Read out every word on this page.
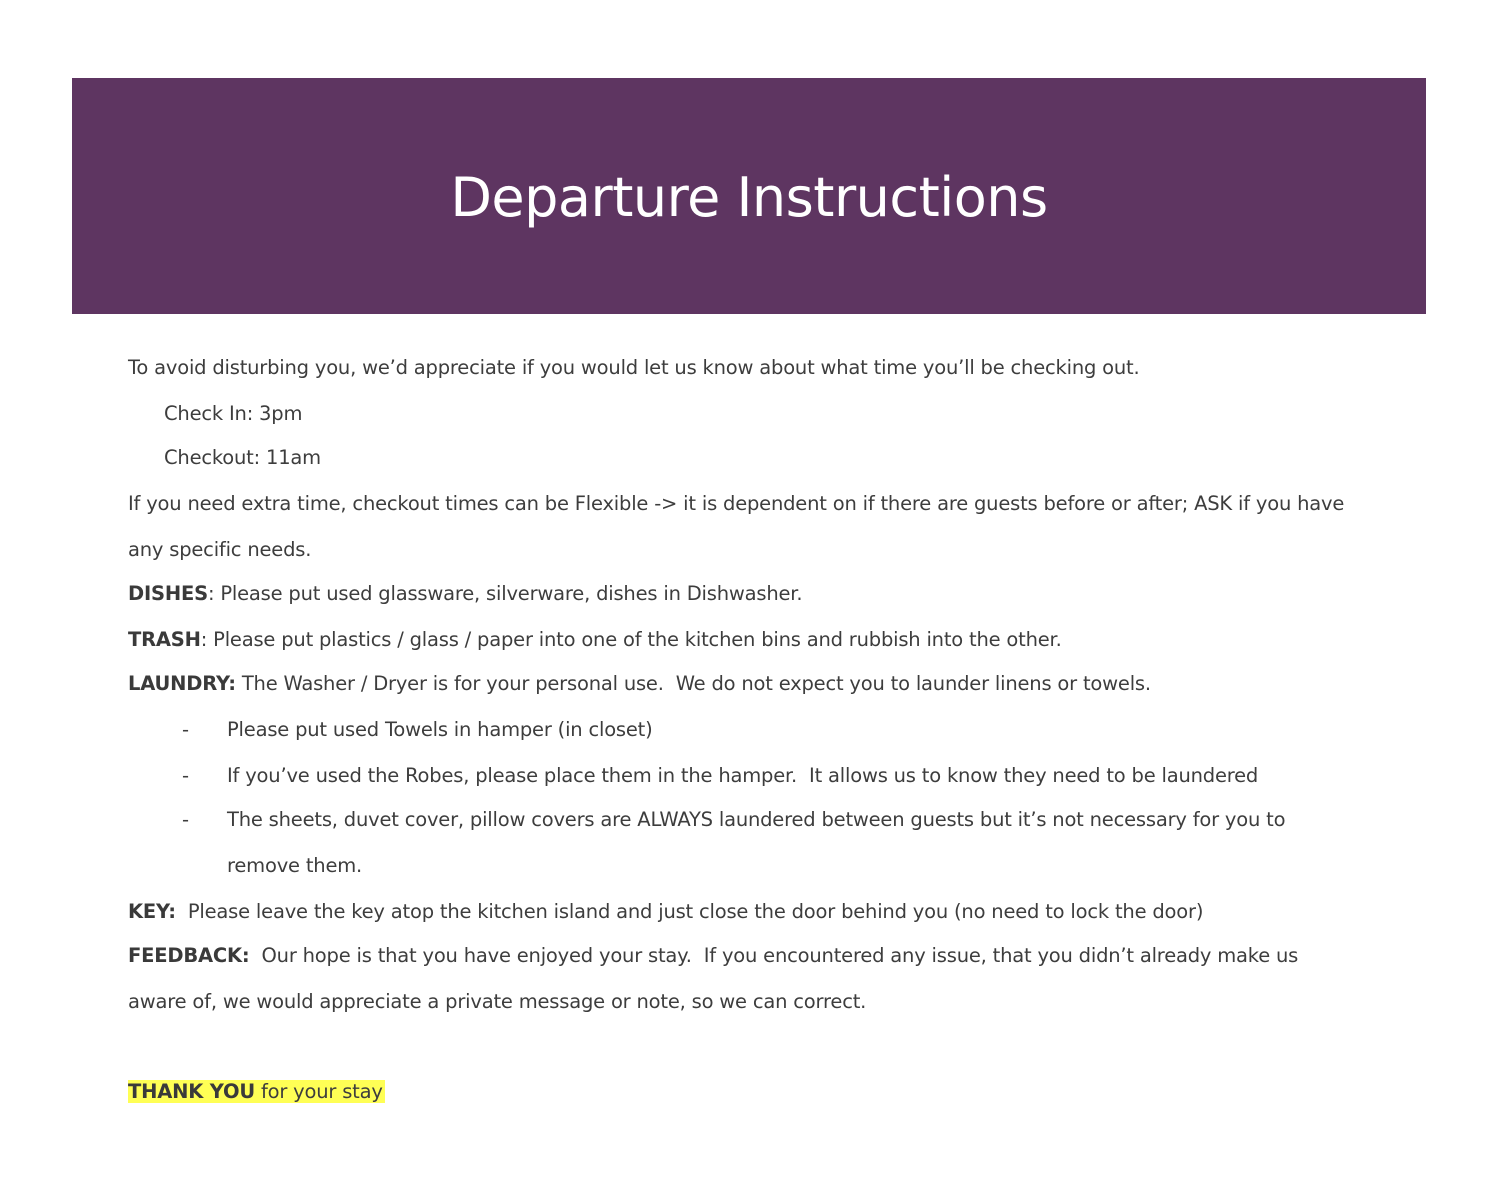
Departure Instructions
To avoid disturbing you, we’d appreciate if you would let us know about what time you’ll be checking out.
Check In: 3pm
Checkout: 11am
If you need extra time, checkout times can be Flexible -> it is dependent on if there are guests before or after; ASK if you have
any specific needs.
DISHES: Please put used glassware, silverware, dishes in Dishwasher.
TRASH: Please put plastics / glass / paper into one of the kitchen bins and rubbish into the other.
LAUNDRY: The Washer / Dryer is for your personal use.  We do not expect you to launder linens or towels.
- Please put used Towels in hamper (in closet)
- If you’ve used the Robes, please place them in the hamper.  It allows us to know they need to be laundered
- The sheets, duvet cover, pillow covers are ALWAYS laundered between guests but it’s not necessary for you to
remove them.
KEY:  Please leave the key atop the kitchen island and just close the door behind you (no need to lock the door)
FEEDBACK:  Our hope is that you have enjoyed your stay.  If you encountered any issue, that you didn’t already make us
aware of, we would appreciate a private message or note, so we can correct.
THANK YOU for your stay
